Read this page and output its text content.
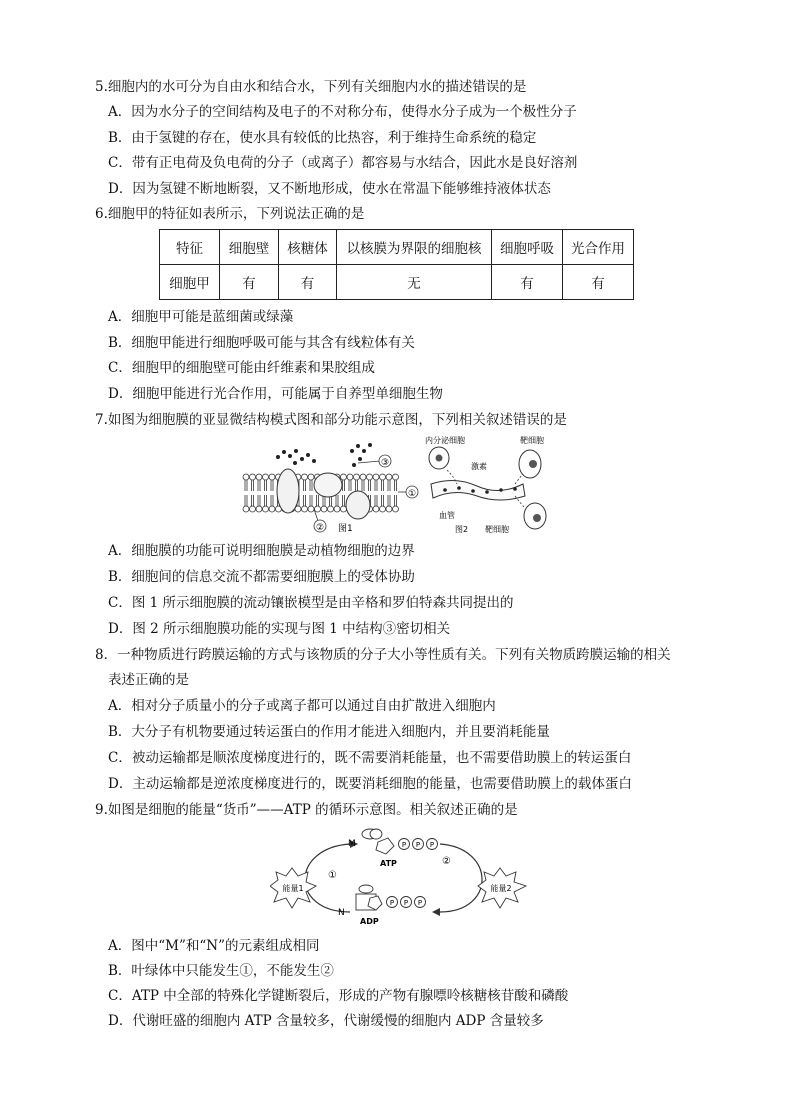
5.细胞内的水可分为自由水和结合水，下列有关细胞内水的描述错误的是
A．因为水分子的空间结构及电子的不对称分布，使得水分子成为一个极性分子
B．由于氢键的存在，使水具有较低的比热容，利于维持生命系统的稳定
C．带有正电荷及负电荷的分子（或离子）都容易与水结合，因此水是良好溶剂
D．因为氢键不断地断裂，又不断地形成，使水在常温下能够维持液体状态
6.细胞甲的特征如表所示，下列说法正确的是
特征	细胞壁	核糖体	以核膜为界限的细胞核	细胞呼吸	光合作用
细胞甲	有	有	无	有	有
A．细胞甲可能是蓝细菌或绿藻
B．细胞甲能进行细胞呼吸可能与其含有线粒体有关
C．细胞甲的细胞壁可能由纤维素和果胶组成
D．细胞甲能进行光合作用，可能属于自养型单细胞生物
7.如图为细胞膜的亚显微结构模式图和部分功能示意图，下列相关叙述错误的是
③
①
② 图1
内分泌细胞
激素
靶细胞
血管
图2 靶细胞
A．细胞膜的功能可说明细胞膜是动植物细胞的边界
B．细胞间的信息交流不都需要细胞膜上的受体协助
C．图 1 所示细胞膜的流动镶嵌模型是由辛格和罗伯特森共同提出的
D．图 2 所示细胞膜功能的实现与图 1 中结构③密切相关
8．一种物质进行跨膜运输的方式与该物质的分子大小等性质有关。下列有关物质跨膜运输的相关
表述正确的是
A．相对分子质量小的分子或离子都可以通过自由扩散进入细胞内
B．大分子有机物要通过转运蛋白的作用才能进入细胞内，并且要消耗能量
C．被动运输都是顺浓度梯度进行的，既不需要消耗能量，也不需要借助膜上的转运蛋白
D．主动运输都是逆浓度梯度进行的，既要消耗细胞的能量，也需要借助膜上的载体蛋白
9.如图是细胞的能量“货币”——ATP 的循环示意图。相关叙述正确的是
M
N
①
②
P P P
ATP
P P P
ADP
能量1	能量2
A．图中“M”和“N”的元素组成相同
B．叶绿体中只能发生①，不能发生②
C．ATP 中全部的特殊化学键断裂后，形成的产物有腺嘌呤核糖核苷酸和磷酸
D．代谢旺盛的细胞内 ATP 含量较多，代谢缓慢的细胞内 ADP 含量较多
